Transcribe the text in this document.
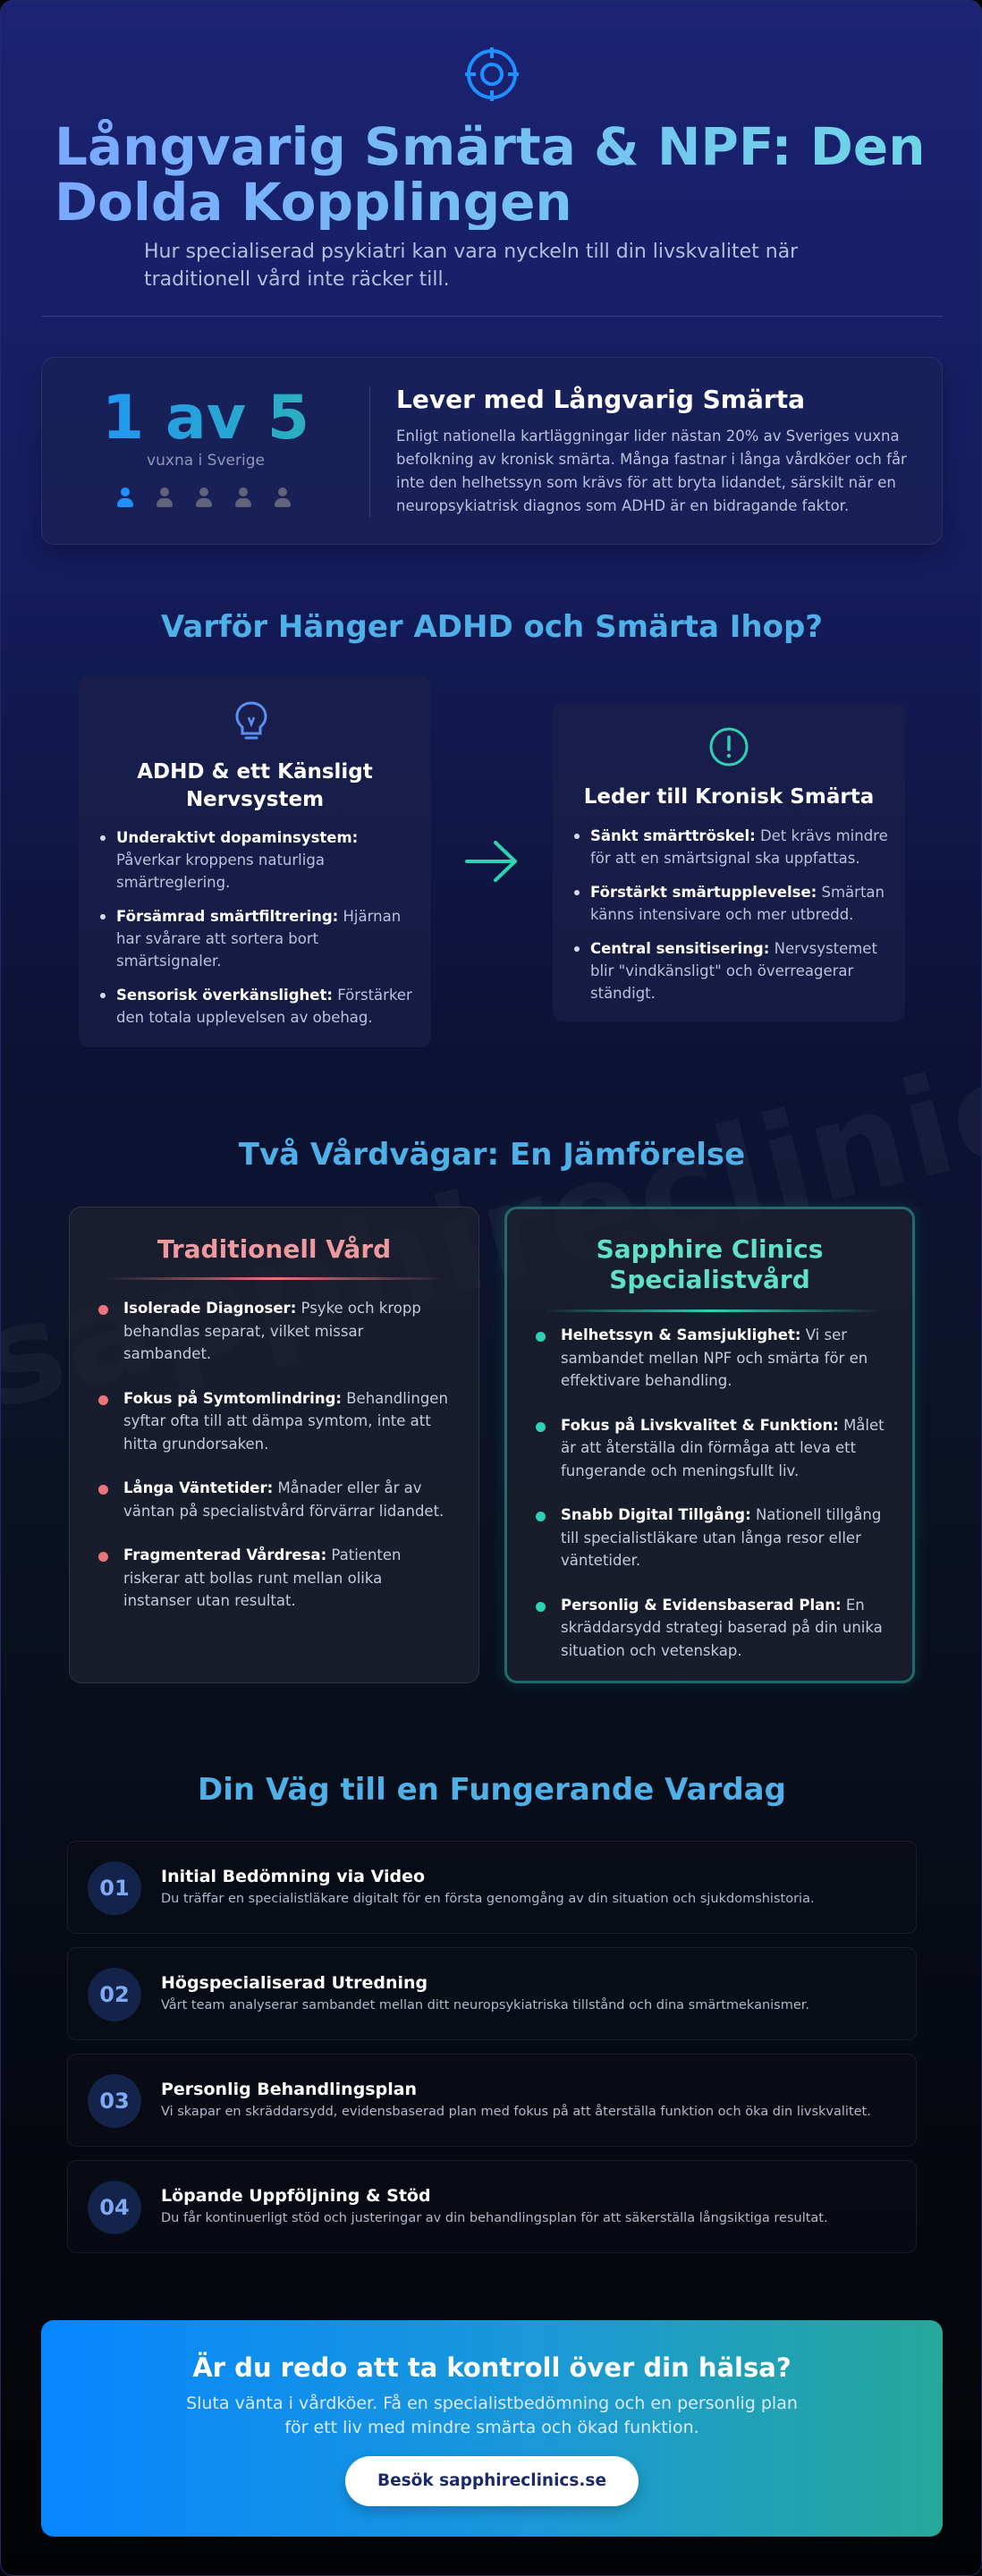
Långvarig Smärta & NPF: Den Dolda Kopplingen

Hur specialiserad psykiatri kan vara nyckeln till din livskvalitet när traditionell vård inte räcker till.

1 av 5
vuxna i Sverige
Lever med Långvarig Smärta

Enligt nationella kartläggningar lider nästan 20% av Sveriges vuxna befolkning av kronisk smärta. Många fastnar i långa vårdköer och får inte den helhetssyn som krävs för att bryta lidandet, särskilt när en neuropsykiatrisk diagnos som ADHD är en bidragande faktor.

Varför Hänger ADHD och Smärta Ihop?
ADHD & ett Känsligt Nervsystem
Underaktivt dopaminsystem: Påverkar kroppens naturliga smärtreglering.
Försämrad smärtfiltrering: Hjärnan har svårare att sortera bort smärtsignaler.
Sensorisk överkänslighet: Förstärker den totala upplevelsen av obehag.
Leder till Kronisk Smärta
Sänkt smärttröskel: Det krävs mindre för att en smärtsignal ska uppfattas.
Förstärkt smärtupplevelse: Smärtan känns intensivare och mer utbredd.
Central sensitisering: Nervsystemet blir "vindkänsligt" och överreagerar ständigt.
Två Vårdvägar: En Jämförelse
Traditionell Vård
Isolerade Diagnoser: Psyke och kropp behandlas separat, vilket missar sambandet.
Fokus på Symtomlindring: Behandlingen syftar ofta till att dämpa symtom, inte att hitta grundorsaken.
Långa Väntetider: Månader eller år av väntan på specialistvård förvärrar lidandet.
Fragmenterad Vårdresa: Patienten riskerar att bollas runt mellan olika instanser utan resultat.
Sapphire Clinics Specialistvård
Helhetssyn & Samsjuklighet: Vi ser sambandet mellan NPF och smärta för en effektivare behandling.
Fokus på Livskvalitet & Funktion: Målet är att återställa din förmåga att leva ett fungerande och meningsfullt liv.
Snabb Digital Tillgång: Nationell tillgång till specialistläkare utan långa resor eller väntetider.
Personlig & Evidensbaserad Plan: En skräddarsydd strategi baserad på din unika situation och vetenskap.
Din Väg till en Fungerande Vardag
01	Initial Bedömning via Video
Du träffar en specialistläkare digitalt för en första genomgång av din situation och sjukdomshistoria.
02	Högspecialiserad Utredning
Vårt team analyserar sambandet mellan ditt neuropsykiatriska tillstånd och dina smärtmekanismer.
03	Personlig Behandlingsplan
Vi skapar en skräddarsydd, evidensbaserad plan med fokus på att återställa funktion och öka din livskvalitet.
04	Löpande Uppföljning & Stöd
Du får kontinuerligt stöd och justeringar av din behandlingsplan för att säkerställa långsiktiga resultat.
Är du redo att ta kontroll över din hälsa?

Sluta vänta i vårdköer. Få en specialistbedömning och en personlig plan för ett liv med mindre smärta och ökad funktion.

Besök sapphireclinics.se
